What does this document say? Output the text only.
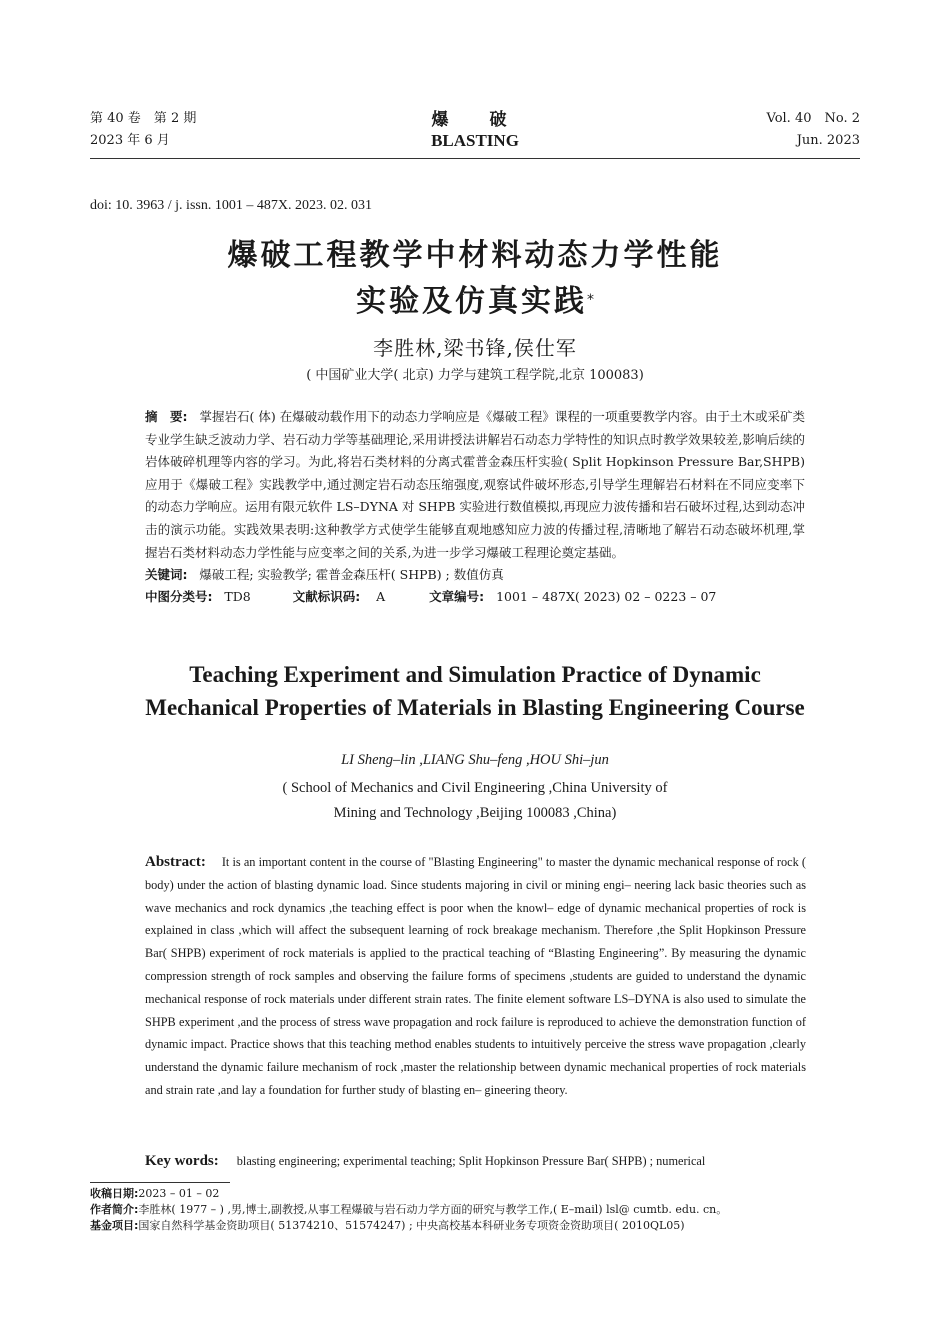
第 40 卷　第 2 期
2023 年 6 月
爆　破
BLASTING
Vol. 40　No. 2
Jun. 2023
doi: 10. 3963 / j. issn. 1001 – 487X. 2023. 02. 031
爆破工程教学中材料动态力学性能
实验及仿真实践*
李胜林,梁书锋,侯仕军
( 中国矿业大学( 北京) 力学与建筑工程学院,北京 100083)
摘　要: 掌握岩石( 体) 在爆破动载作用下的动态力学响应是《爆破工程》课程的一项重要教学内容。由于土木或采矿类专业学生缺乏波动力学、岩石动力学等基础理论,采用讲授法讲解岩石动态力学特性的知识点时教学效果较差,影响后续的岩体破碎机理等内容的学习。为此,将岩石类材料的分离式霍普金森压杆实验( Split Hopkinson Pressure Bar,SHPB) 应用于《爆破工程》实践教学中,通过测定岩石动态压缩强度,观察试件破坏形态,引导学生理解岩石材料在不同应变率下的动态力学响应。运用有限元软件 LS–DYNA 对 SHPB 实验进行数值模拟,再现应力波传播和岩石破坏过程,达到动态冲击的演示功能。实践效果表明:这种教学方式使学生能够直观地感知应力波的传播过程,清晰地了解岩石动态破坏机理,掌握岩石类材料动态力学性能与应变率之间的关系,为进一步学习爆破工程理论奠定基础。
关键词: 爆破工程; 实验教学; 霍普金森压杆( SHPB) ; 数值仿真
中图分类号: TD8	文献标识码: A	文章编号: 1001 – 487X( 2023) 02 – 0223 – 07
Teaching Experiment and Simulation Practice of Dynamic
Mechanical Properties of Materials in Blasting Engineering Course
LI Sheng–lin ,LIANG Shu–feng ,HOU Shi–jun
( School of Mechanics and Civil Engineering ,China University of
Mining and Technology ,Beijing 100083 ,China)
Abstract: It is an important content in the course of "Blasting Engineering" to master the dynamic mechanical response of rock ( body) under the action of blasting dynamic load. Since students majoring in civil or mining engi– neering lack basic theories such as wave mechanics and rock dynamics ,the teaching effect is poor when the knowl– edge of dynamic mechanical properties of rock is explained in class ,which will affect the subsequent learning of rock breakage mechanism. Therefore ,the Split Hopkinson Pressure Bar( SHPB) experiment of rock materials is applied to the practical teaching of “Blasting Engineering”. By measuring the dynamic compression strength of rock samples and observing the failure forms of specimens ,students are guided to understand the dynamic mechanical response of rock materials under different strain rates. The finite element software LS–DYNA is also used to simulate the SHPB experiment ,and the process of stress wave propagation and rock failure is reproduced to achieve the demonstration function of dynamic impact. Practice shows that this teaching method enables students to intuitively perceive the stress wave propagation ,clearly understand the dynamic failure mechanism of rock ,master the relationship between dynamic mechanical properties of rock materials and strain rate ,and lay a foundation for further study of blasting en– gineering theory.
Key words: blasting engineering; experimental teaching; Split Hopkinson Pressure Bar( SHPB) ; numerical
收稿日期:2023 – 01 – 02
作者简介:李胜林( 1977 – ) ,男,博士,副教授,从事工程爆破与岩石动力学方面的研究与教学工作,( E–mail) lsl@ cumtb. edu. cn。
基金项目:国家自然科学基金资助项目( 51374210、51574247) ; 中央高校基本科研业务专项资金资助项目( 2010QL05)
